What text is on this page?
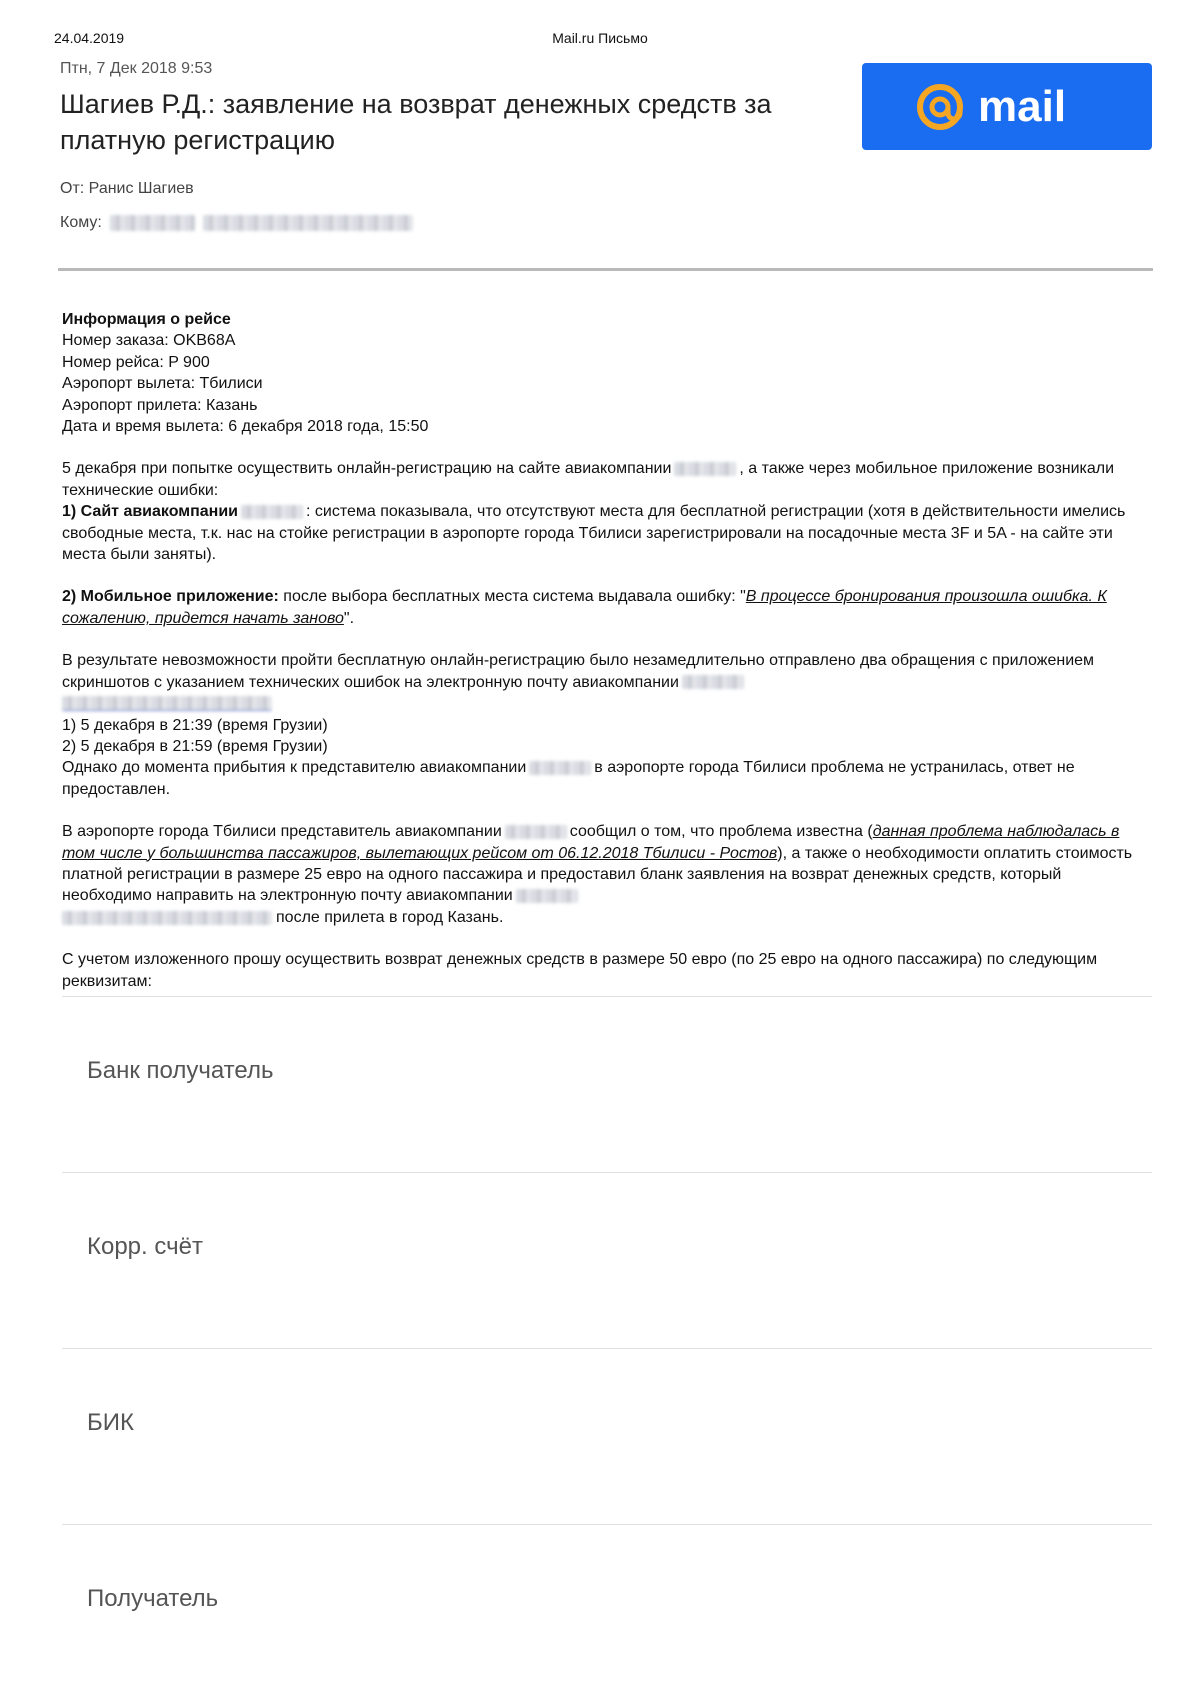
24.04.2019	Mail.ru Письмо
Птн, 7 Дек 2018 9:53
Шагиев Р.Д.: заявление на возврат денежных средств за платную регистрацию
mail
От: Ранис Шагиев
Кому:

Информация о рейсе

Номер заказа: OKB68A

Номер рейса: P 900

Аэропорт вылета: Тбилиси

Аэропорт прилета: Казань

Дата и время вылета: 6 декабря 2018 года, 15:50

5 декабря при попытке осуществить онлайн-регистрацию на сайте авиакомпании	, а также через мобильное приложение возникали технические ошибки:

1) Сайт авиакомпании	: система показывала, что отсутствуют места для бесплатной регистрации (хотя в действительности имелись свободные места, т.к. нас на стойке регистрации в аэропорте города Тбилиси зарегистрировали на посадочные места 3F и 5A - на сайте эти места были заняты).

2) Мобильное приложение: после выбора бесплатных места система выдавала ошибку: "В процессе бронирования произошла ошибка. К сожалению, придется начать заново".

В результате невозможности пройти бесплатную онлайн-регистрацию было незамедлительно отправлено два обращения с приложением скриншотов с указанием технических ошибок на электронную почту авиакомпании

1) 5 декабря в 21:39 (время Грузии)

2) 5 декабря в 21:59 (время Грузии)

Однако до момента прибытия к представителю авиакомпании	в аэропорте города Тбилиси проблема не устранилась, ответ не предоставлен.

В аэропорте города Тбилиси представитель авиакомпании	сообщил о том, что проблема известна (данная проблема наблюдалась в том числе у большинства пассажиров, вылетающих рейсом от 06.12.2018 Тбилиси - Ростов), а также о необходимости оплатить стоимость платной регистрации в размере 25 евро на одного пассажира и предоставил бланк заявления на возврат денежных средств, который необходимо направить на электронную почту авиакомпании
после прилета в город Казань.

С учетом изложенного прошу осуществить возврат денежных средств в размере 50 евро (по 25 евро на одного пассажира) по следующим реквизитам:

Банк получатель
Корр. счёт
БИК
Получатель
